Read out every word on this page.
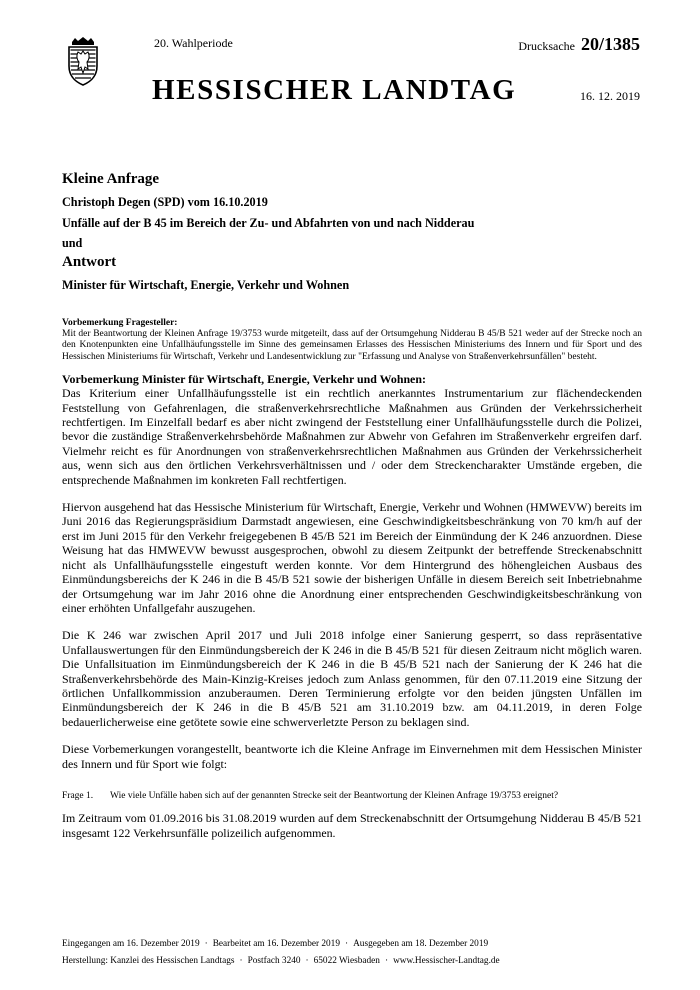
20. Wahlperiode	Drucksache 20/1385
HESSISCHER LANDTAG	16. 12. 2019
Kleine Anfrage
Christoph Degen (SPD) vom 16.10.2019
Unfälle auf der B 45 im Bereich der Zu- und Abfahrten von und nach Nidderau
und
Antwort
Minister für Wirtschaft, Energie, Verkehr und Wohnen
Vorbemerkung Fragesteller:

Mit der Beantwortung der Kleinen Anfrage 19/3753 wurde mitgeteilt, dass auf der Ortsumgehung Nidderau B 45/B 521 weder auf der Strecke noch an den Knotenpunkten eine Unfallhäufungsstelle im Sinne des gemeinsamen Erlasses des Hessischen Ministeriums des Innern und für Sport und des Hessischen Ministeriums für Wirtschaft, Verkehr und Landesentwicklung zur "Erfassung und Analyse von Straßenverkehrsunfällen" besteht.

Vorbemerkung Minister für Wirtschaft, Energie, Verkehr und Wohnen:

Das Kriterium einer Unfallhäufungsstelle ist ein rechtlich anerkanntes Instrumentarium zur flächendeckenden Feststellung von Gefahrenlagen, die straßenverkehrsrechtliche Maßnahmen aus Gründen der Verkehrssicherheit rechtfertigen. Im Einzelfall bedarf es aber nicht zwingend der Feststellung einer Unfallhäufungsstelle durch die Polizei, bevor die zuständige Straßenverkehrsbehörde Maßnahmen zur Abwehr von Gefahren im Straßenverkehr ergreifen darf. Vielmehr reicht es für Anordnungen von straßenverkehrsrechtlichen Maßnahmen aus Gründen der Verkehrssicherheit aus, wenn sich aus den örtlichen Verkehrsverhältnissen und / oder dem Streckencharakter Umstände ergeben, die entsprechende Maßnahmen im konkreten Fall rechtfertigen.

Hiervon ausgehend hat das Hessische Ministerium für Wirtschaft, Energie, Verkehr und Wohnen (HMWEVW) bereits im Juni 2016 das Regierungspräsidium Darmstadt angewiesen, eine Geschwindigkeitsbeschränkung von 70 km/h auf der erst im Juni 2015 für den Verkehr freigegebenen B 45/B 521 im Bereich der Einmündung der K 246 anzuordnen. Diese Weisung hat das HMWEVW bewusst ausgesprochen, obwohl zu diesem Zeitpunkt der betreffende Streckenabschnitt nicht als Unfallhäufungsstelle eingestuft werden konnte. Vor dem Hintergrund des höhengleichen Ausbaus des Einmündungsbereichs der K 246 in die B 45/B 521 sowie der bisherigen Unfälle in diesem Bereich seit Inbetriebnahme der Ortsumgehung war im Jahr 2016 ohne die Anordnung einer entsprechenden Geschwindigkeitsbeschränkung von einer erhöhten Unfallgefahr auszugehen.

Die K 246 war zwischen April 2017 und Juli 2018 infolge einer Sanierung gesperrt, so dass repräsentative Unfallauswertungen für den Einmündungsbereich der K 246 in die B 45/B 521 für diesen Zeitraum nicht möglich waren. Die Unfallsituation im Einmündungsbereich der K 246 in die B 45/B 521 nach der Sanierung der K 246 hat die Straßenverkehrsbehörde des Main-Kinzig-Kreises jedoch zum Anlass genommen, für den 07.11.2019 eine Sitzung der örtlichen Unfallkommission anzuberaumen. Deren Terminierung erfolgte vor den beiden jüngsten Unfällen im Einmündungsbereich der K 246 in die B 45/B 521 am 31.10.2019 bzw. am 04.11.2019, in deren Folge bedauerlicherweise eine getötete sowie eine schwerverletzte Person zu beklagen sind.

Diese Vorbemerkungen vorangestellt, beantworte ich die Kleine Anfrage im Einvernehmen mit dem Hessischen Minister des Innern und für Sport wie folgt:

Frage 1.	Wie viele Unfälle haben sich auf der genannten Strecke seit der Beantwortung der Kleinen Anfrage 19/3753 ereignet?
Im Zeitraum vom 01.09.2016 bis 31.08.2019 wurden auf dem Streckenabschnitt der Ortsumgehung Nidderau B 45/B 521 insgesamt 122 Verkehrsunfälle polizeilich aufgenommen.
Eingegangen am 16. Dezember 2019 · Bearbeitet am 16. Dezember 2019 · Ausgegeben am 18. Dezember 2019
Herstellung: Kanzlei des Hessischen Landtags · Postfach 3240 · 65022 Wiesbaden · www.Hessischer-Landtag.de
